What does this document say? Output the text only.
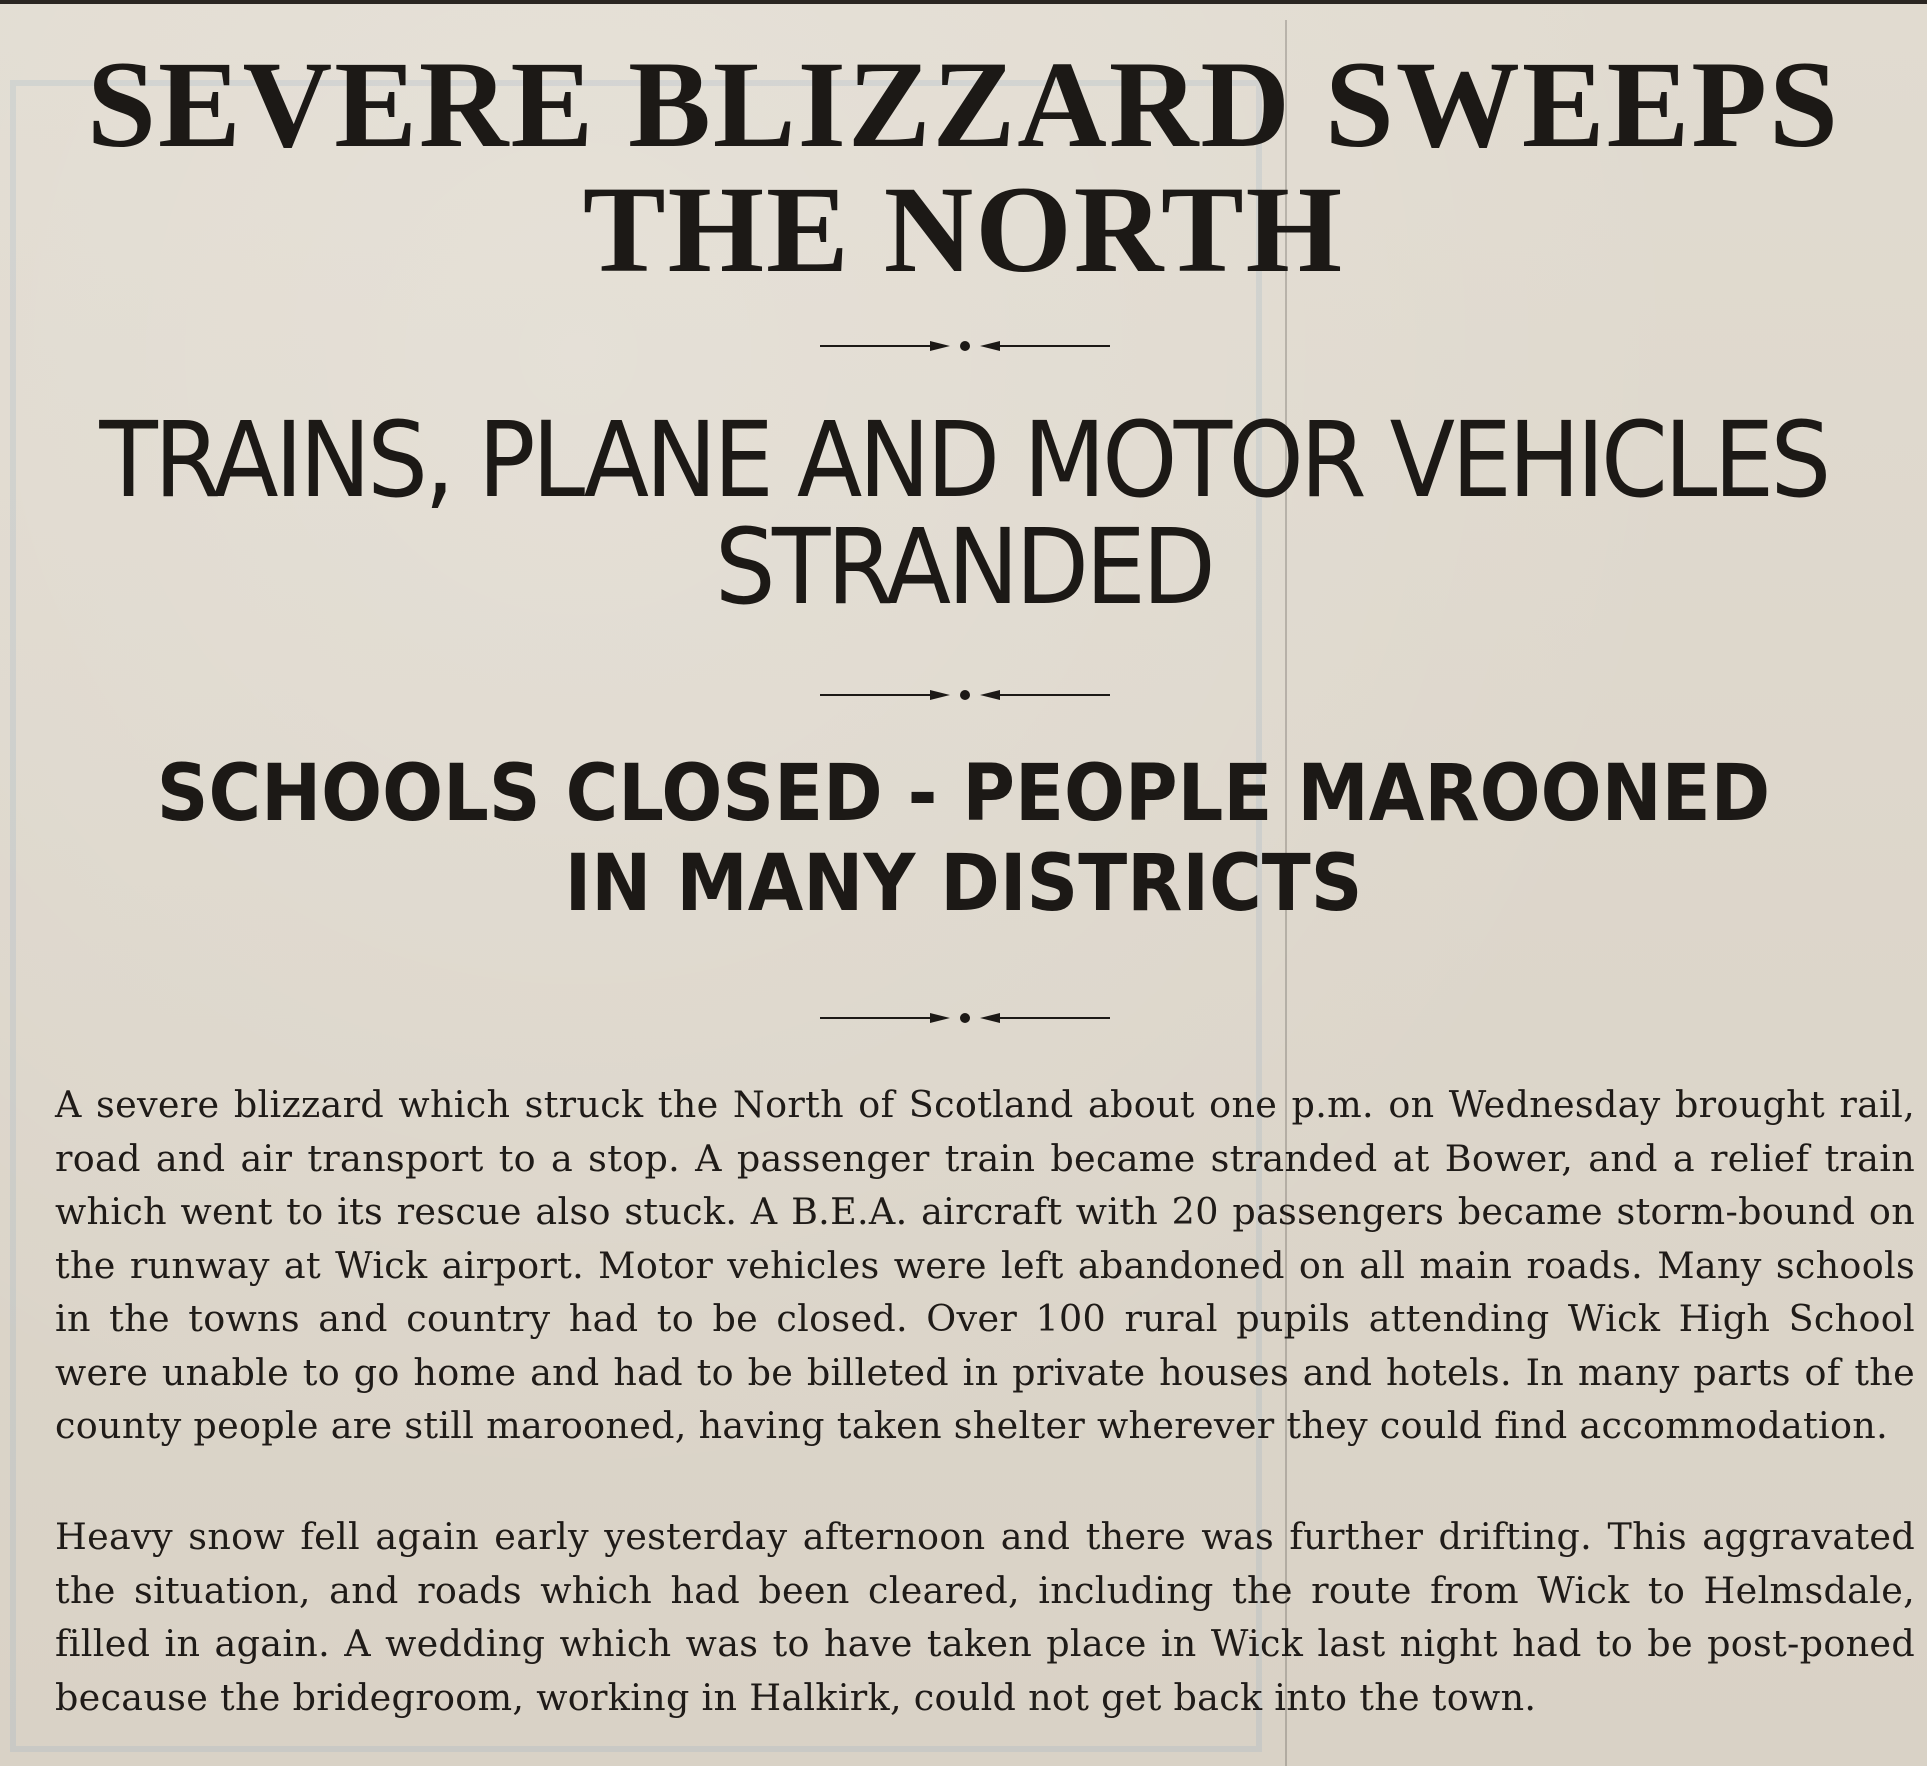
SEVERE BLIZZARD SWEEPS
THE NORTH
TRAINS, PLANE AND MOTOR VEHICLES
STRANDED
SCHOOLS CLOSED - PEOPLE MAROONED
IN MANY DISTRICTS

A severe blizzard which struck the North of Scotland about one p.m. on Wednesday brought rail, road and air transport to a stop. A passenger train became stranded at Bower, and a relief train which went to its rescue also stuck. A B.E.A. aircraft with 20 passengers became storm-bound on the runway at Wick airport. Motor vehicles were left abandoned on all main roads. Many schools in the towns and country had to be closed. Over 100 rural pupils attending Wick High School were unable to go home and had to be billeted in private houses and hotels. In many parts of the county people are still marooned, having taken shelter wherever they could find accommodation.

Heavy snow fell again early yesterday afternoon and there was further drifting. This aggravated the situation, and roads which had been cleared, including the route from Wick to Helmsdale, filled in again. A wedding which was to have taken place in Wick last night had to be post-poned because the bridegroom, working in Halkirk, could not get back into the town.
